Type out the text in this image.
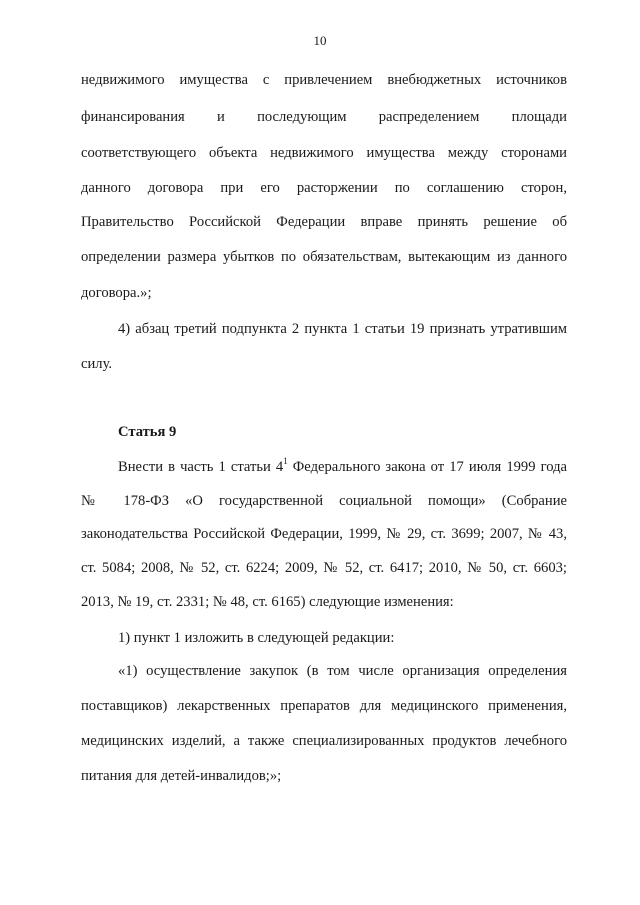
10
недвижимого имущества с привлечением внебюджетных источников
финансирования и последующим распределением площади
соответствующего объекта недвижимого имущества между сторонами
данного договора при его расторжении по соглашению сторон,
Правительство Российской Федерации вправе принять решение об
определении размера убытков по обязательствам, вытекающим из данного
договора.»;
4) абзац третий подпункта 2 пункта 1 статьи 19 признать утратившим
силу.
Статья 9
Внести в часть 1 статьи $4^1$ Федерального закона от 17 июля 1999 года
№ 178-ФЗ «О государственной социальной помощи» (Собрание
законодательства Российской Федерации, 1999, № 29, ст. 3699; 2007, № 43,
ст. 5084; 2008, № 52, ст. 6224; 2009, № 52, ст. 6417; 2010, № 50, ст. 6603;
2013, № 19, ст. 2331; № 48, ст. 6165) следующие изменения:
1) пункт 1 изложить в следующей редакции:
«1) осуществление закупок (в том числе организация определения
поставщиков) лекарственных препаратов для медицинского применения,
медицинских изделий, а также специализированных продуктов лечебного
питания для детей-инвалидов;»;
